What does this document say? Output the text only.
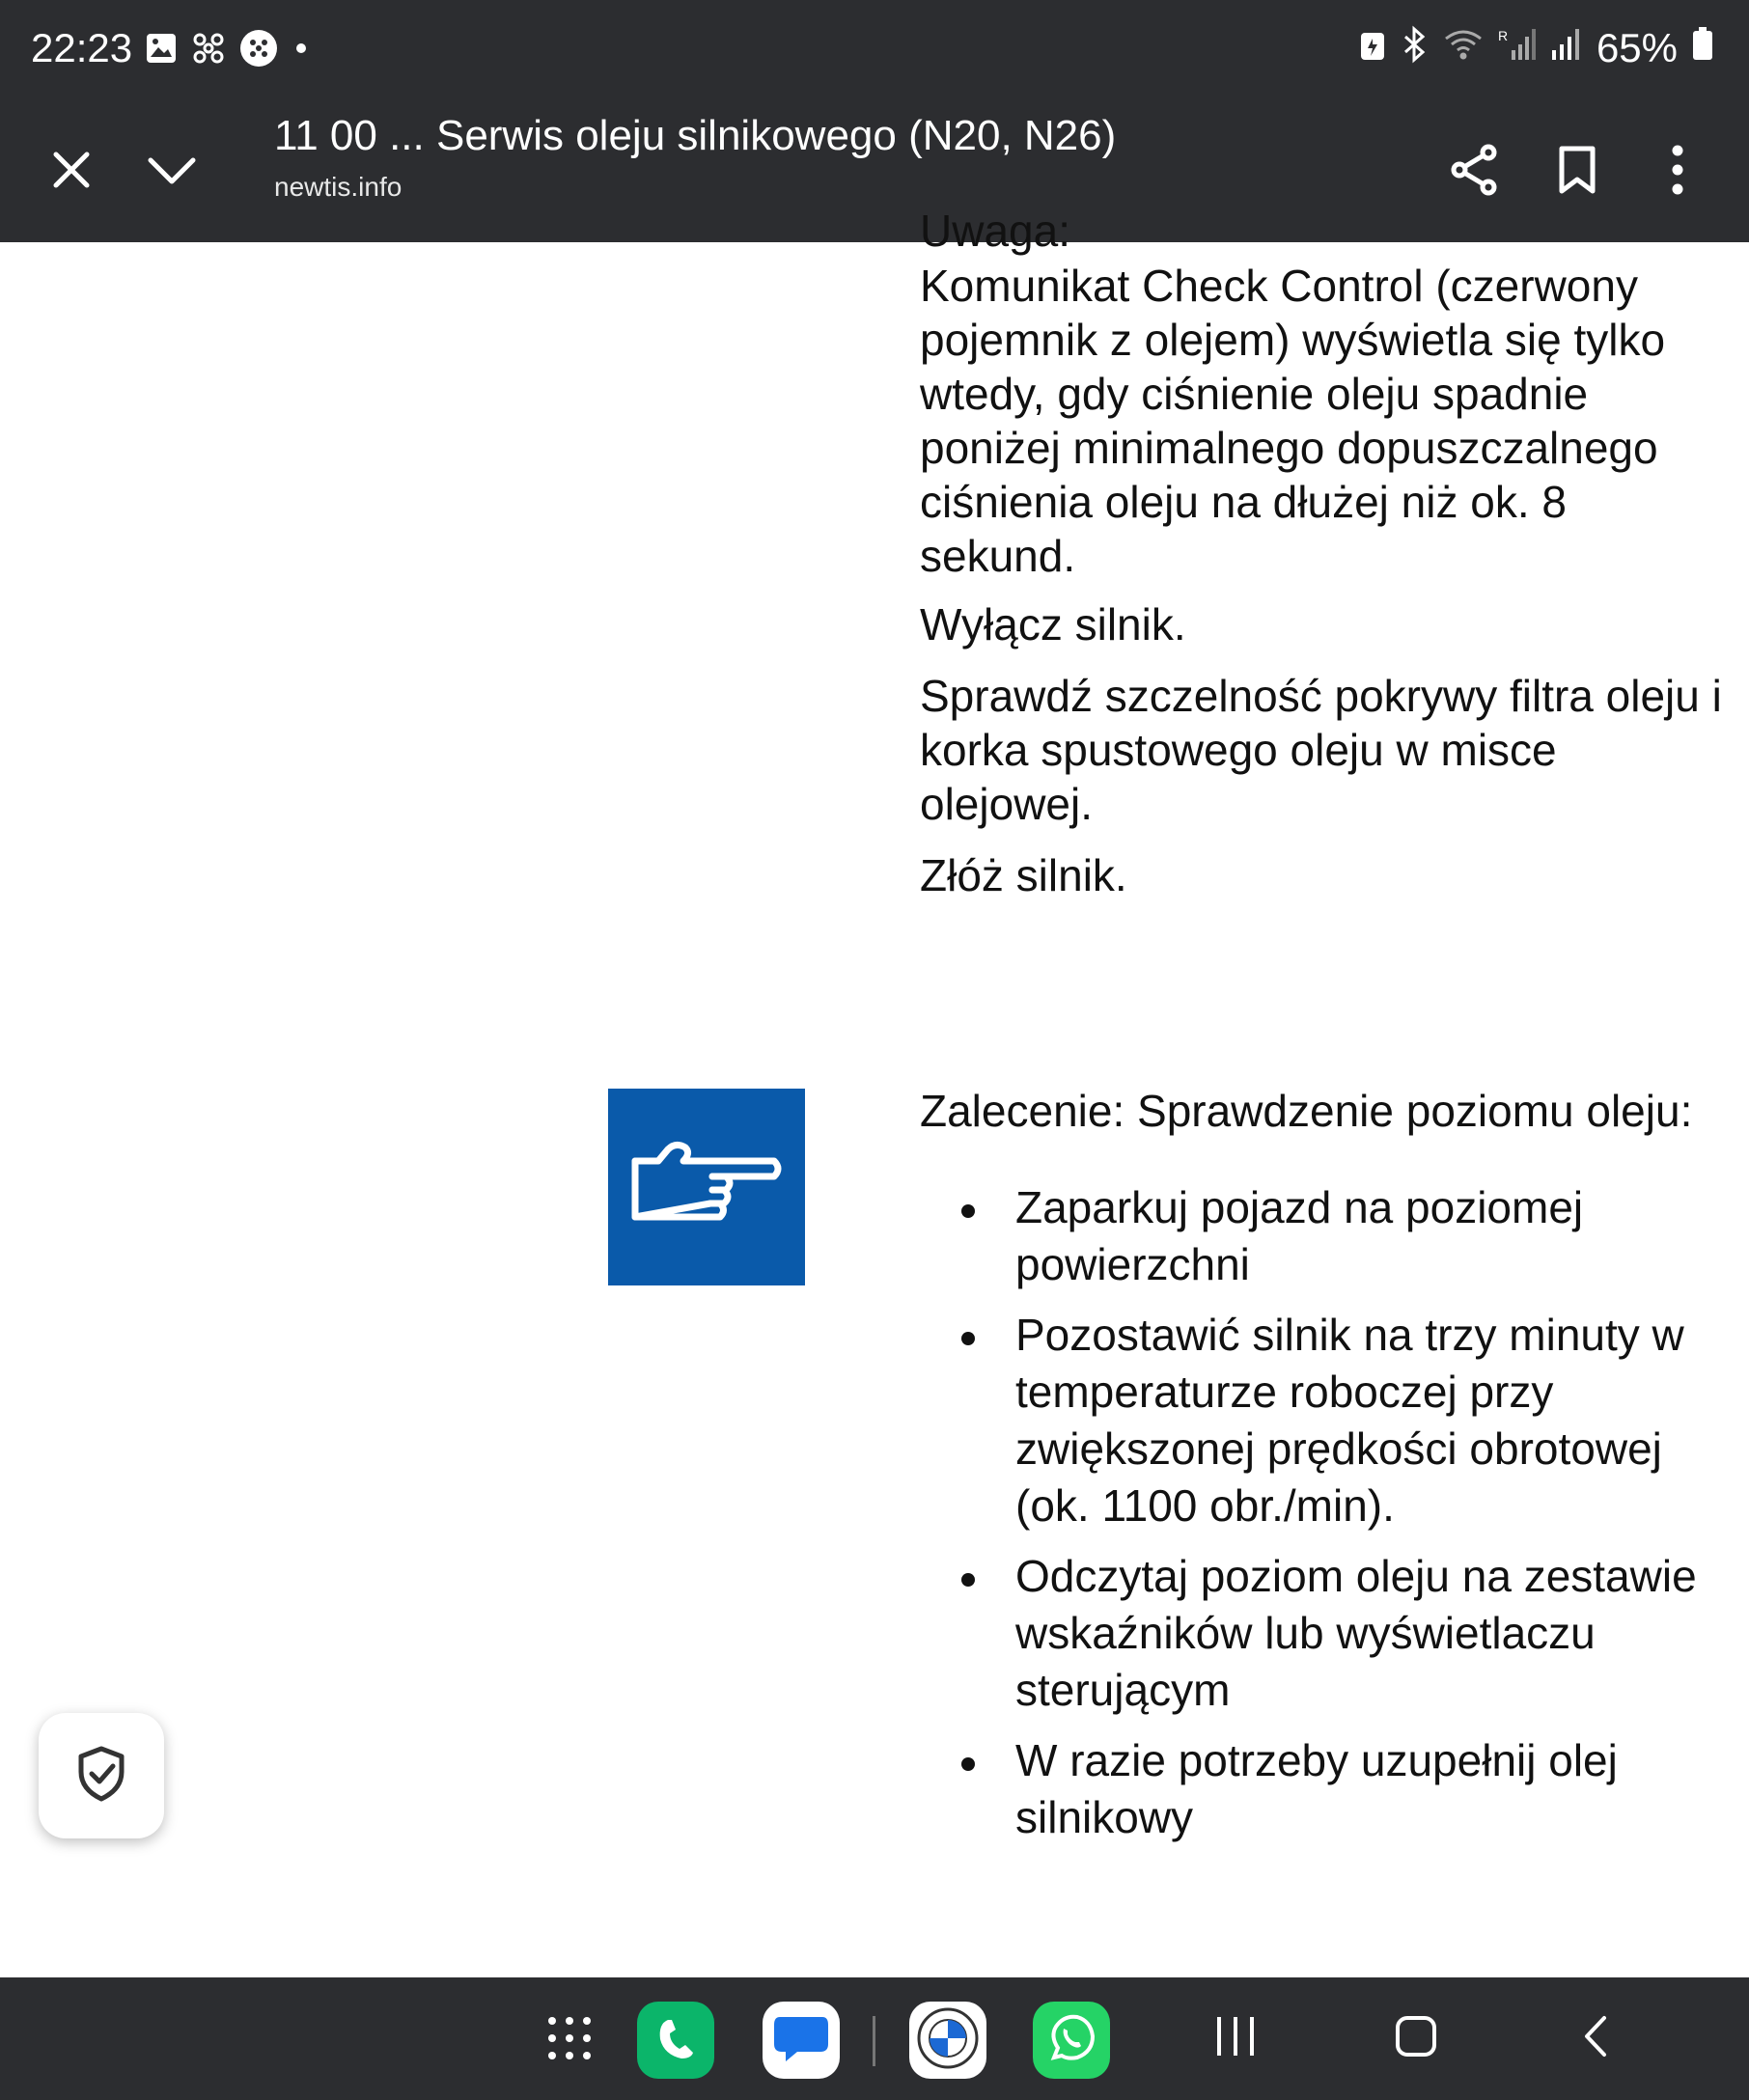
22:23	R 65%
11 00 ... Serwis oleju silnikowego (N20, N26)
newtis.info
Uwaga:

Komunikat Check Control (czerwony pojemnik z olejem) wyświetla się tylko wtedy, gdy ciśnienie oleju spadnie poniżej minimalnego dopuszczalnego ciśnienia oleju na dłużej niż ok. 8 sekund.

Wyłącz silnik.

Sprawdź szczelność pokrywy filtra oleju i korka spustowego oleju w misce olejowej.

Złóż silnik.

Zalecenie: Sprawdzenie poziomu oleju:

Zaparkuj pojazd na poziomej powierzchni
Pozostawić silnik na trzy minuty w temperaturze roboczej przy zwiększonej prędkości obrotowej (ok. 1100 obr./min).
Odczytaj poziom oleju na zestawie wskaźników lub wyświetlaczu sterującym
W razie potrzeby uzupełnij olej silnikowy
